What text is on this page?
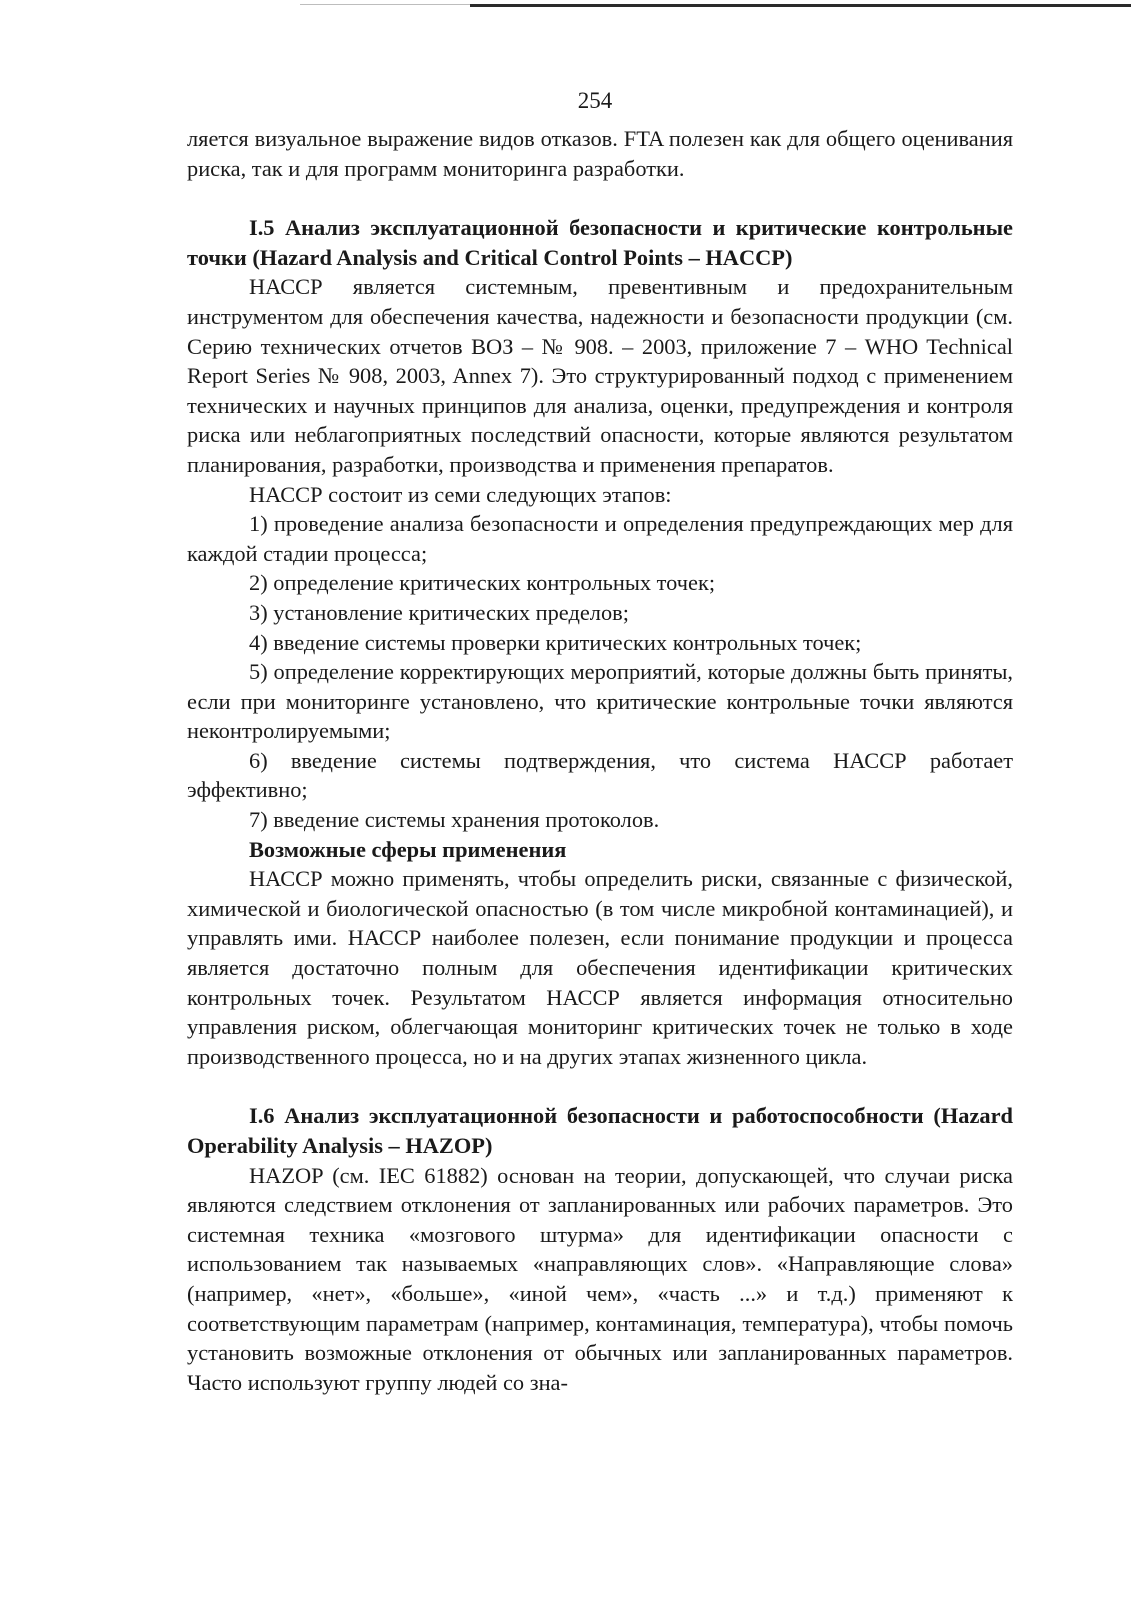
254

ляется визуальное выражение видов отказов. FTA полезен как для общего оценивания риска, так и для программ мониторинга разработки.

I.5 Анализ эксплуатационной безопасности и критические контрольные точки (Hazard Analysis and Critical Control Points – HACCP)

НАССР является системным, превентивным и предохранительным инструментом для обеспечения качества, надежности и безопасности продукции (см. Серию технических отчетов ВОЗ – № 908. – 2003, приложение 7 – WHO Technical Report Series № 908, 2003, Annex 7). Это структурированный подход с применением технических и научных принципов для анализа, оценки, предупреждения и контроля риска или неблагоприятных последствий опасности, которые являются результатом планирования, разработки, производства и применения препаратов.

НАССР состоит из семи следующих этапов:

1) проведение анализа безопасности и определения предупреждающих мер для каждой стадии процесса;

2) определение критических контрольных точек;

3) установление критических пределов;

4) введение системы проверки критических контрольных точек;

5) определение корректирующих мероприятий, которые должны быть приняты, если при мониторинге установлено, что критические контрольные точки являются неконтролируемыми;

6) введение системы подтверждения, что система НАССР работает эффективно;

7) введение системы хранения протоколов.

Возможные сферы применения

НАССР можно применять, чтобы определить риски, связанные с физической, химической и биологической опасностью (в том числе микробной контаминацией), и управлять ими. НАССР наиболее полезен, если понимание продукции и процесса является достаточно полным для обеспечения идентификации критических контрольных точек. Результатом НАССР является информация относительно управления риском, облегчающая мониторинг критических точек не только в ходе производственного процесса, но и на других этапах жизненного цикла.

I.6 Анализ эксплуатационной безопасности и работоспособности (Hazard Operability Analysis – HAZOP)

HAZOP (см. IEC 61882) основан на теории, допускающей, что случаи риска являются следствием отклонения от запланированных или рабочих параметров. Это системная техника «мозгового штурма» для идентификации опасности с использованием так называемых «направляющих слов». «Направляющие слова» (например, «нет», «больше», «иной чем», «часть ...» и т.д.) применяют к соответствующим параметрам (например, контаминация, температура), чтобы помочь установить возможные отклонения от обычных или запланированных параметров. Часто используют группу людей со зна-
